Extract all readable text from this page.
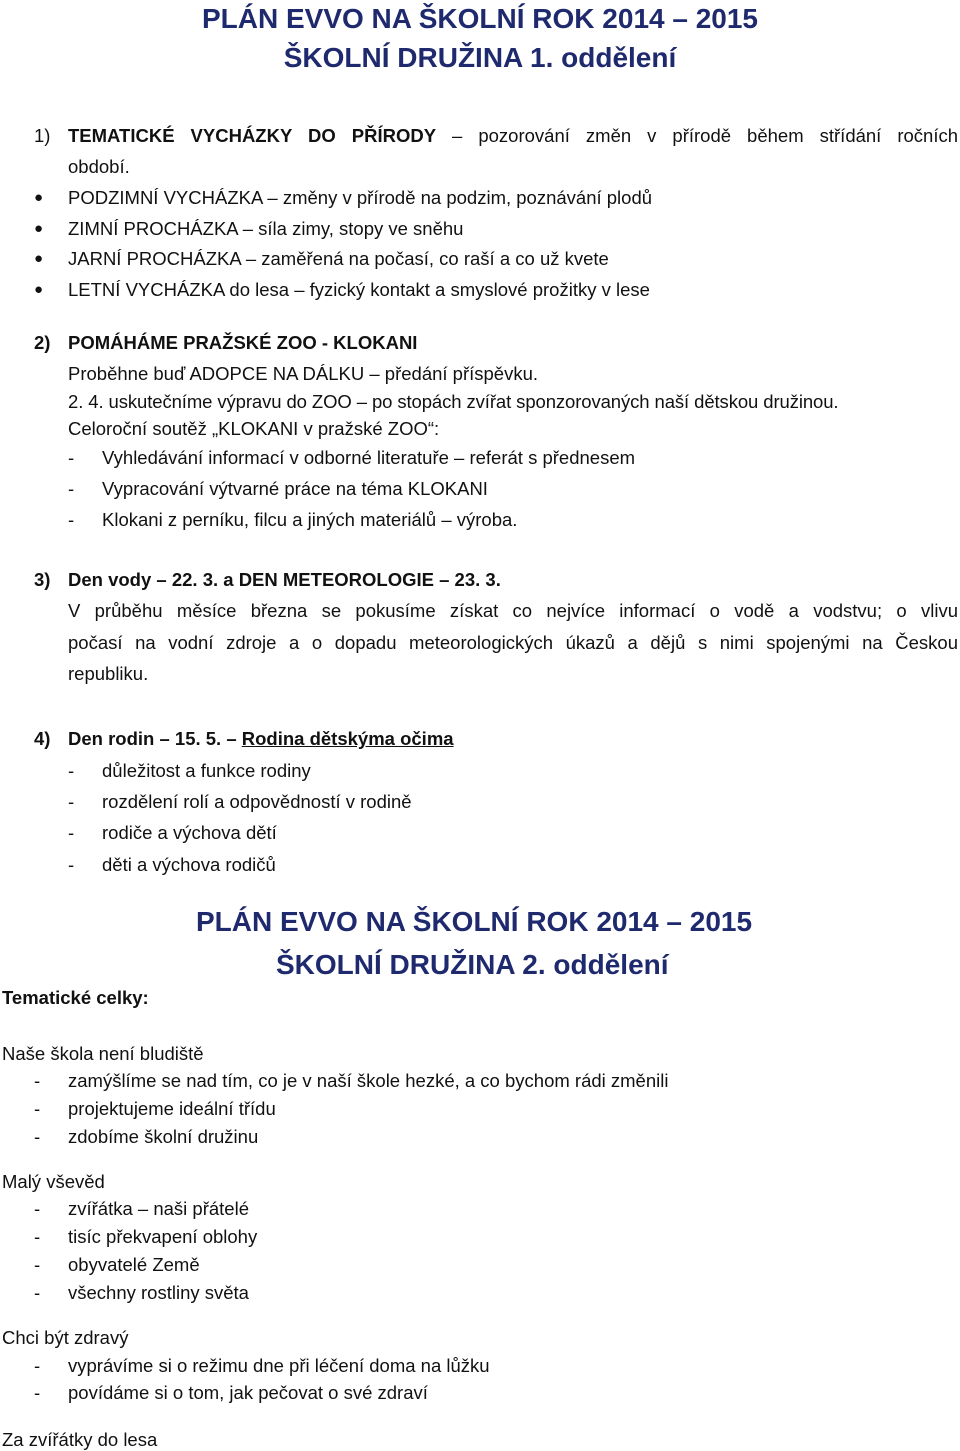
PLÁN EVVO NA ŠKOLNÍ ROK 2014 – 2015
ŠKOLNÍ DRUŽINA 1. oddělení
1) TEMATICKÉ VYCHÁZKY DO PŘÍRODY – pozorování změn v přírodě během střídání ročních
období.
● PODZIMNÍ VYCHÁZKA – změny v přírodě na podzim, poznávání plodů
● ZIMNÍ PROCHÁZKA – síla zimy, stopy ve sněhu
● JARNÍ PROCHÁZKA – zaměřená na počasí, co raší a co už kvete
● LETNÍ VYCHÁZKA do lesa – fyzický kontakt a smyslové prožitky v lese
2) POMÁHÁME PRAŽSKÉ ZOO - KLOKANI
Proběhne buď ADOPCE NA DÁLKU – předání příspěvku.
2. 4. uskutečníme výpravu do ZOO – po stopách zvířat sponzorovaných naší dětskou družinou.
Celoroční soutěž „KLOKANI v pražské ZOO“:
- Vyhledávání informací v odborné literatuře – referát s přednesem
- Vypracování výtvarné práce na téma KLOKANI
- Klokani z perníku, filcu a jiných materiálů – výroba.
3) Den vody – 22. 3. a DEN METEOROLOGIE – 23. 3.
V průběhu měsíce března se pokusíme získat co nejvíce informací o vodě a vodstvu; o vlivu
počasí na vodní zdroje a o dopadu meteorologických úkazů a dějů s nimi spojenými na Českou
republiku.
4) Den rodin – 15. 5. – Rodina dětskýma očima
- důležitost a funkce rodiny
- rozdělení rolí a odpovědností v rodině
- rodiče a výchova dětí
- děti a výchova rodičů
PLÁN EVVO NA ŠKOLNÍ ROK 2014 – 2015
ŠKOLNÍ DRUŽINA 2. oddělení
Tematické celky:
Naše škola není bludiště
- zamýšlíme se nad tím, co je v naší škole hezké, a co bychom rádi změnili
- projektujeme ideální třídu
- zdobíme školní družinu
Malý vševěd
- zvířátka – naši přátelé
- tisíc překvapení oblohy
- obyvatelé Země
- všechny rostliny světa
Chci být zdravý
- vyprávíme si o režimu dne při léčení doma na lůžku
- povídáme si o tom, jak pečovat o své zdraví
Za zvířátky do lesa
